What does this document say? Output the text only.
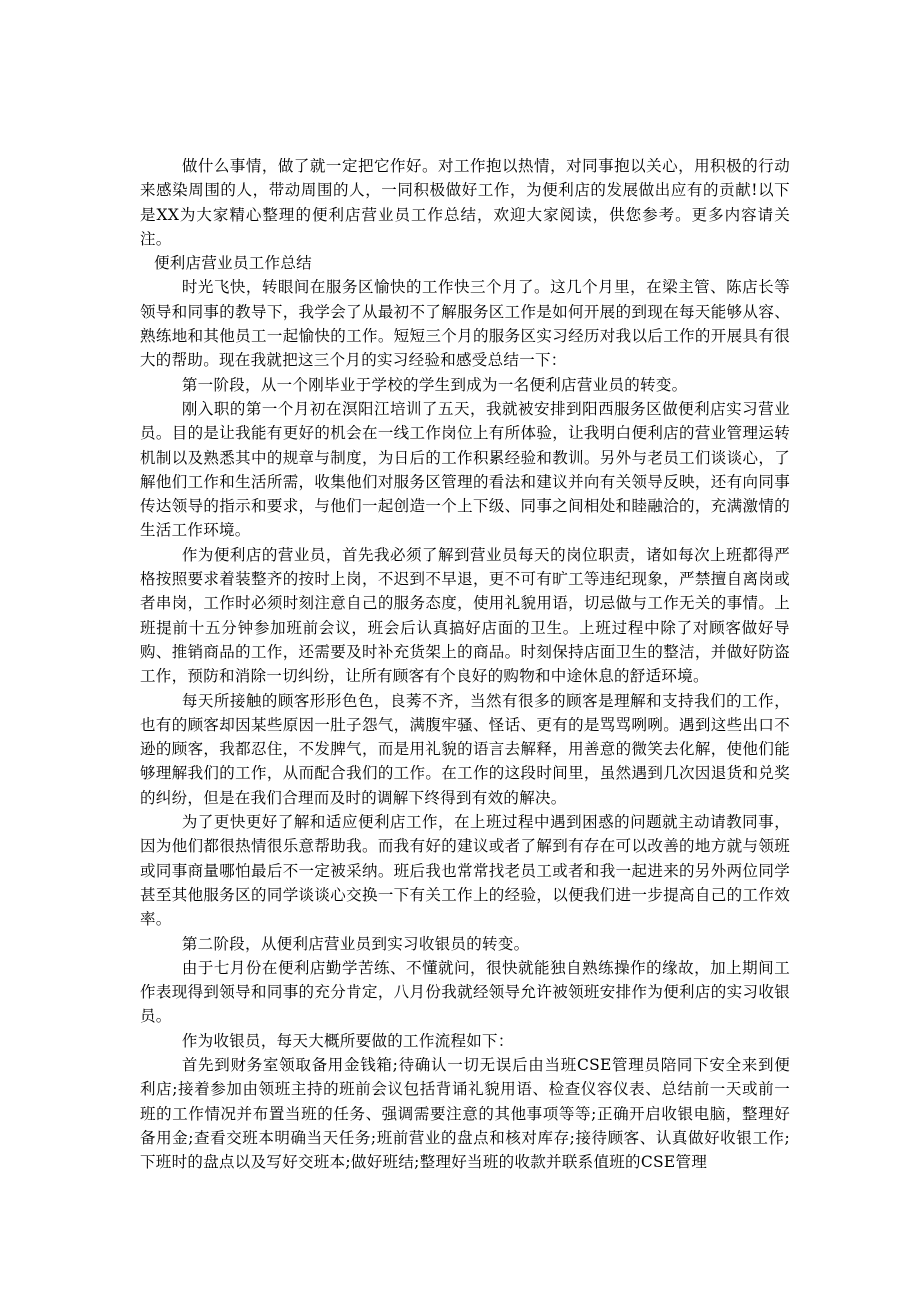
做什么事情，做了就一定把它作好。对工作抱以热情，对同事抱以关心，用积极的行动来感染周围的人，带动周围的人，一同积极做好工作，为便利店的发展做出应有的贡献!以下是XX为大家精心整理的便利店营业员工作总结，欢迎大家阅读，供您参考。更多内容请关注。

便利店营业员工作总结

时光飞快，转眼间在服务区愉快的工作快三个月了。这几个月里，在梁主管、陈店长等领导和同事的教导下，我学会了从最初不了解服务区工作是如何开展的到现在每天能够从容、熟练地和其他员工一起愉快的工作。短短三个月的服务区实习经历对我以后工作的开展具有很大的帮助。现在我就把这三个月的实习经验和感受总结一下：

第一阶段，从一个刚毕业于学校的学生到成为一名便利店营业员的转变。

刚入职的第一个月初在溟阳江培训了五天，我就被安排到阳西服务区做便利店实习营业员。目的是让我能有更好的机会在一线工作岗位上有所体验，让我明白便利店的营业管理运转机制以及熟悉其中的规章与制度，为日后的工作积累经验和教训。另外与老员工们谈谈心，了解他们工作和生活所需，收集他们对服务区管理的看法和建议并向有关领导反映，还有向同事传达领导的指示和要求，与他们一起创造一个上下级、同事之间相处和睦融洽的，充满激情的生活工作环境。

作为便利店的营业员，首先我必须了解到营业员每天的岗位职责，诸如每次上班都得严格按照要求着装整齐的按时上岗，不迟到不早退，更不可有旷工等违纪现象，严禁擅自离岗或者串岗，工作时必须时刻注意自己的服务态度，使用礼貌用语，切忌做与工作无关的事情。上班提前十五分钟参加班前会议，班会后认真搞好店面的卫生。上班过程中除了对顾客做好导购、推销商品的工作，还需要及时补充货架上的商品。时刻保持店面卫生的整洁，并做好防盗工作，预防和消除一切纠纷，让所有顾客有个良好的购物和中途休息的舒适环境。

每天所接触的顾客形形色色，良莠不齐，当然有很多的顾客是理解和支持我们的工作，也有的顾客却因某些原因一肚子怨气，满腹牢骚、怪话、更有的是骂骂咧咧。遇到这些出口不逊的顾客，我都忍住，不发脾气，而是用礼貌的语言去解释，用善意的微笑去化解，使他们能够理解我们的工作，从而配合我们的工作。在工作的这段时间里，虽然遇到几次因退货和兑奖的纠纷，但是在我们合理而及时的调解下终得到有效的解决。

为了更快更好了解和适应便利店工作，在上班过程中遇到困惑的问题就主动请教同事，因为他们都很热情很乐意帮助我。而我有好的建议或者了解到有存在可以改善的地方就与领班或同事商量哪怕最后不一定被采纳。班后我也常常找老员工或者和我一起进来的另外两位同学甚至其他服务区的同学谈谈心交换一下有关工作上的经验，以便我们进一步提高自己的工作效率。

第二阶段，从便利店营业员到实习收银员的转变。

由于七月份在便利店勤学苦练、不懂就问，很快就能独自熟练操作的缘故，加上期间工作表现得到领导和同事的充分肯定，八月份我就经领导允许被领班安排作为便利店的实习收银员。

作为收银员，每天大概所要做的工作流程如下：

首先到财务室领取备用金钱箱;待确认一切无误后由当班CSE管理员陪同下安全来到便利店;接着参加由领班主持的班前会议包括背诵礼貌用语、检查仪容仪表、总结前一天或前一班的工作情况并布置当班的任务、强调需要注意的其他事项等等;正确开启收银电脑，整理好备用金;查看交班本明确当天任务;班前营业的盘点和核对库存;接待顾客、认真做好收银工作;下班时的盘点以及写好交班本;做好班结;整理好当班的收款并联系值班的CSE管理
